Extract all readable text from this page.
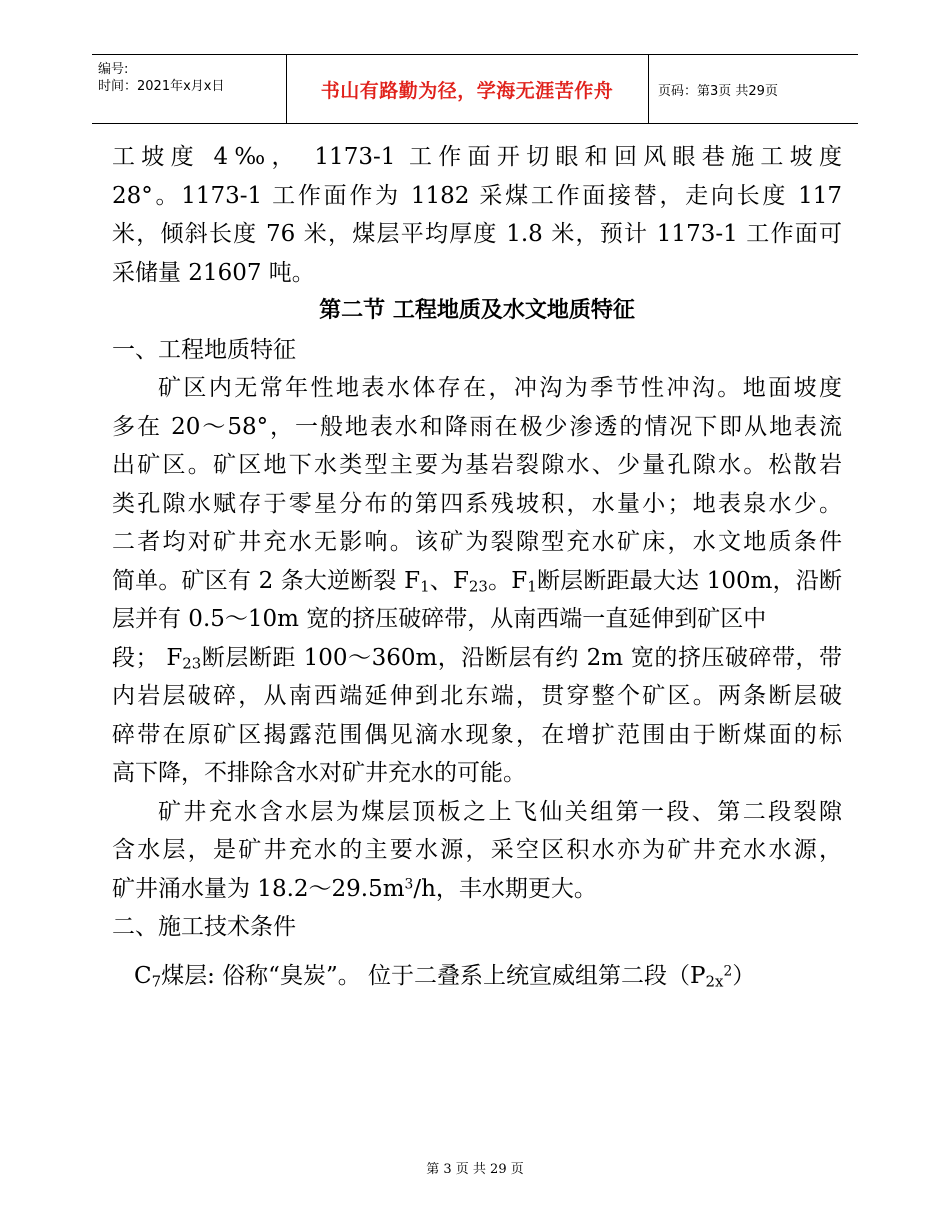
编号:
时间：2021年x月x日	书山有路勤为径，学海无涯苦作舟	页码：第3页 共29页

工坡度 4‰， 1173-1 工作面开切眼和回风眼巷施工坡度

28°。1173-1 工作面作为 1182 采煤工作面接替，走向长度 117

米，倾斜长度 76 米，煤层平均厚度 1.8 米，预计 1173-1 工作面可

采储量 21607 吨。

第二节 工程地质及水文地质特征

一、工程地质特征

矿区内无常年性地表水体存在，冲沟为季节性冲沟。地面坡度

多在 20～58°，一般地表水和降雨在极少渗透的情况下即从地表流

出矿区。矿区地下水类型主要为基岩裂隙水、少量孔隙水。松散岩

类孔隙水赋存于零星分布的第四系残坡积，水量小；地表泉水少。

二者均对矿井充水无影响。该矿为裂隙型充水矿床，水文地质条件

简单。矿区有 2 条大逆断裂 $F_1$、$F_{23}$。$F_1$断层断距最大达 100m，沿断

层并有 0.5～10m 宽的挤压破碎带，从南西端一直延伸到矿区中

段； $F_{23}$断层断距 100～360m，沿断层有约 2m 宽的挤压破碎带，带

内岩层破碎，从南西端延伸到北东端，贯穿整个矿区。两条断层破

碎带在原矿区揭露范围偶见滴水现象，在增扩范围由于断煤面的标

高下降，不排除含水对矿井充水的可能。

矿井充水含水层为煤层顶板之上飞仙关组第一段、第二段裂隙

含水层，是矿井充水的主要水源，采空区积水亦为矿井充水水源，

矿井涌水量为 $18.2\sim 29.5m^3/h$，丰水期更大。

二、施工技术条件

$C_7$煤层: 俗称“臭炭”。 位于二叠系上统宣威组第二段$(P_{2x}^2)$

第 3 页 共 29 页
